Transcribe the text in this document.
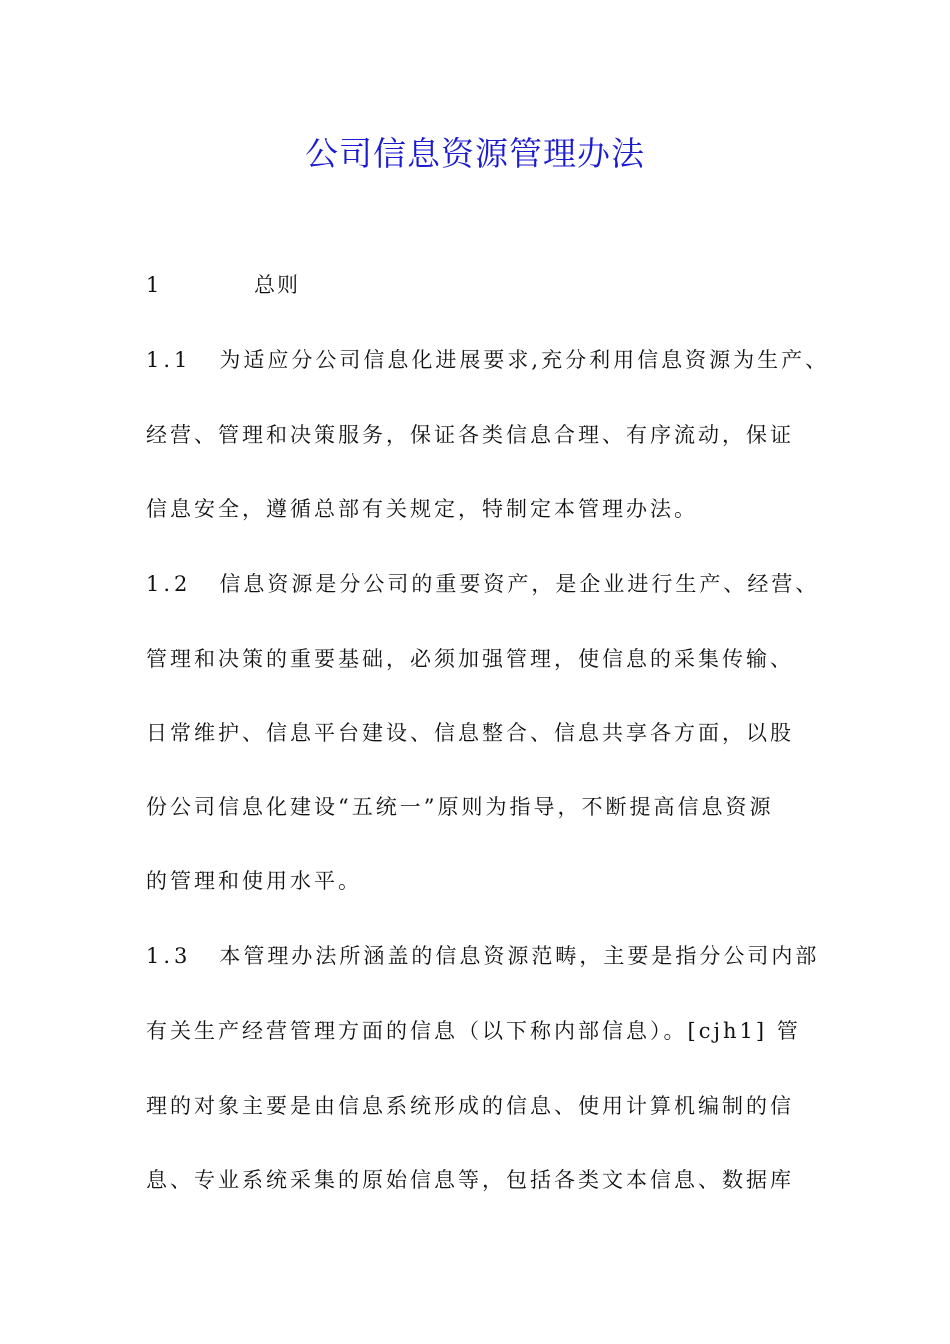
公司信息资源管理办法
1	总则
1.1 为适应分公司信息化进展要求,充分利用信息资源为生产、
经营、管理和决策服务，保证各类信息合理、有序流动，保证
信息安全，遵循总部有关规定，特制定本管理办法。
1.2 信息资源是分公司的重要资产，是企业进行生产、经营、
管理和决策的重要基础，必须加强管理，使信息的采集传输、
日常维护、信息平台建设、信息整合、信息共享各方面，以股
份公司信息化建设“五统一”原则为指导，不断提高信息资源
的管理和使用水平。
1.3 本管理办法所涵盖的信息资源范畴，主要是指分公司内部
有关生产经营管理方面的信息（以下称内部信息）。[cjh1] 管
理的对象主要是由信息系统形成的信息、使用计算机编制的信
息、专业系统采集的原始信息等，包括各类文本信息、数据库
